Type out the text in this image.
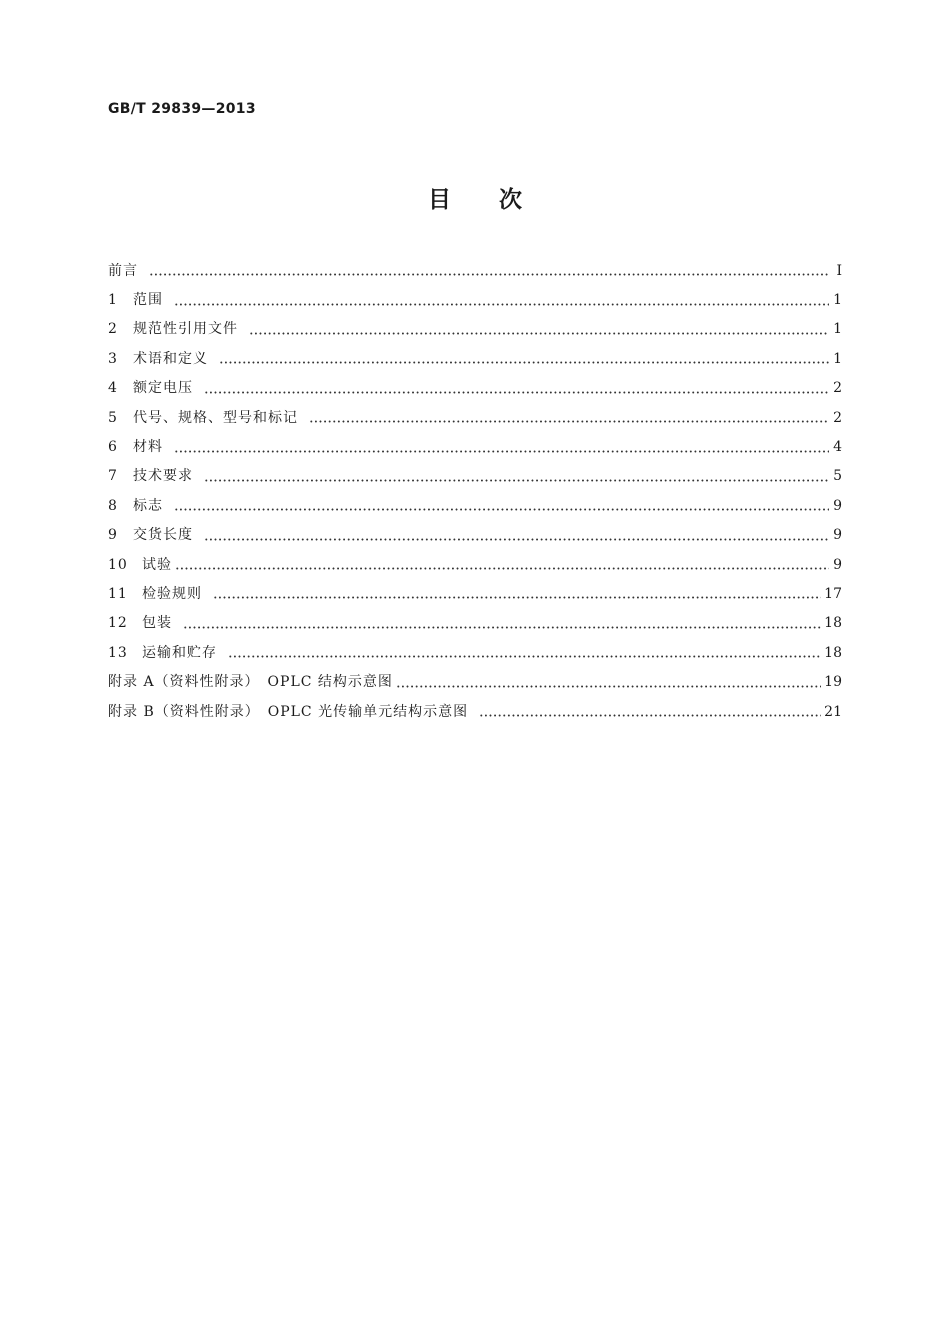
GB/T 29839—2013
目次
前言	Ⅰ
1	范围	1
2	规范性引用文件	1
3	术语和定义	1
4	额定电压	2
5	代号、规格、型号和标记	2
6	材料	4
7	技术要求	5
8	标志	9
9	交货长度	9
10	试验	9
11	检验规则	17
12	包装	18
13	运输和贮存	18
附录 A（资料性附录）　OPLC 结构示意图	19
附录 B（资料性附录）　OPLC 光传输单元结构示意图	21
